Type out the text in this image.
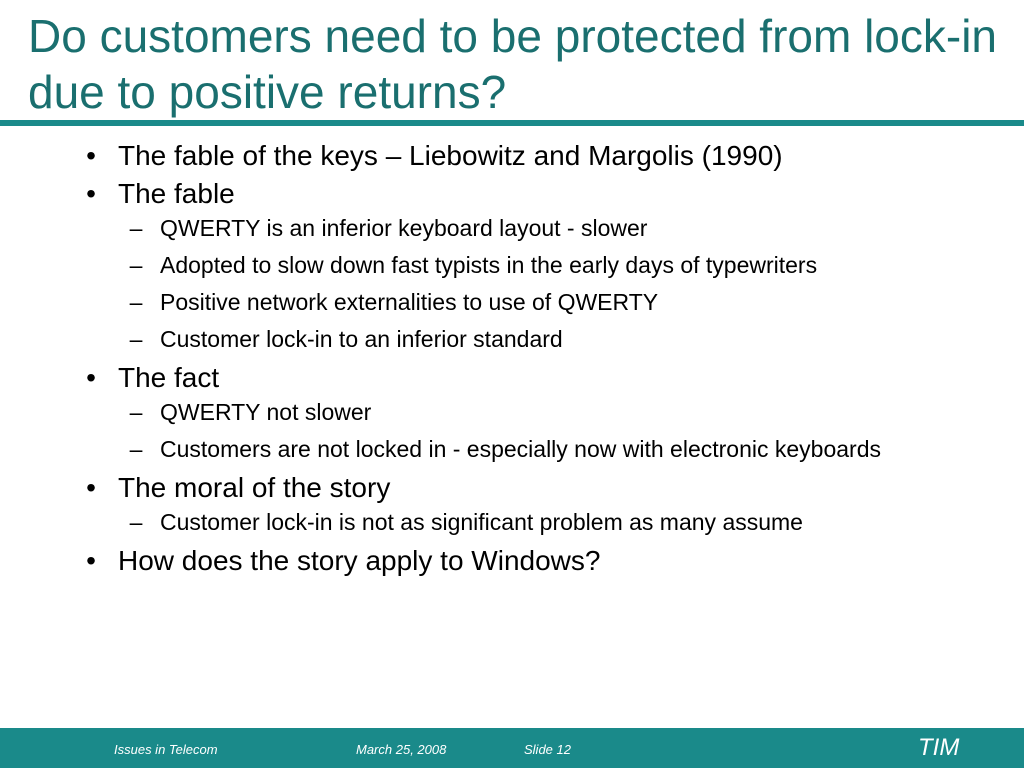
Do customers need to be protected from lock-in due to positive returns?
• The fable of the keys – Liebowitz and Margolis (1990)
• The fable
– QWERTY is an inferior keyboard layout - slower
– Adopted to slow down fast typists in the early days of typewriters
– Positive network externalities to use of QWERTY
– Customer lock-in to an inferior standard
• The fact
– QWERTY not slower
– Customers are not locked in - especially now with electronic keyboards
• The moral of the story
– Customer lock-in is not as significant problem as many assume
• How does the story apply to Windows?
Issues in Telecom	March 25, 2008	Slide 12	TIM
